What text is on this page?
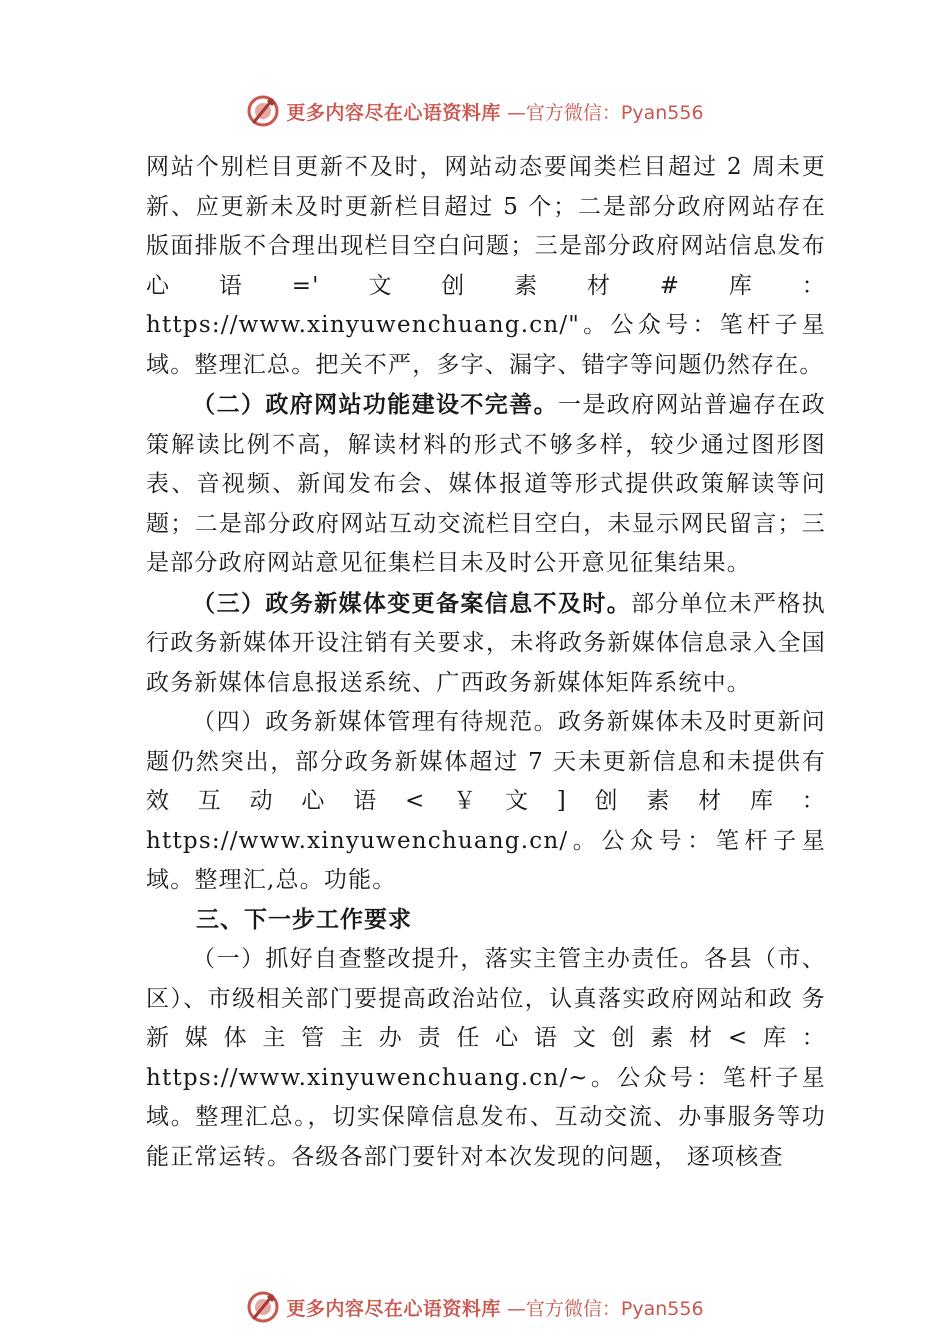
更多内容尽在心语资料库 —官方微信：Pyan556

网站个别栏目更新不及时，网站动态要闻类栏目超过 2 周未更新、应更新未及时更新栏目超过 5 个；二是部分政府网站存在版面排版不合理出现栏目空白问题；三是部分政府网站信息发布心语='文创素材#库：https://www.xinyuwenchuang.cn/"。公众号：笔杆子星域。整理汇总。把关不严，多字、漏字、错字等问题仍然存在。

（二）政府网站功能建设不完善。一是政府网站普遍存在政策解读比例不高，解读材料的形式不够多样，较少通过图形图表、音视频、新闻发布会、媒体报道等形式提供政策解读等问题；二是部分政府网站互动交流栏目空白，未显示网民留言；三是部分政府网站意见征集栏目未及时公开意见征集结果。

（三）政务新媒体变更备案信息不及时。部分单位未严格执行政务新媒体开设注销有关要求，未将政务新媒体信息录入全国政务新媒体信息报送系统、广西政务新媒体矩阵系统中。

（四）政务新媒体管理有待规范。政务新媒体未及时更新问题仍然突出，部分政务新媒体超过 7 天未更新信息和未提供有效互动心语<￥文]创素材库：https://www.xinyuwenchuang.cn/。公众号：笔杆子星域。整理汇,总。功能。

三、下一步工作要求

（一）抓好自查整改提升，落实主管主办责任。各县（市、区）、市级相关部门要提高政治站位，认真落实政府网站和政 务新媒体主管主办责任心语文创素材<库：https://www.xinyuwenchuang.cn/~。公众号：笔杆子星域。整理汇总。，切实保障信息发布、互动交流、办事服务等功能正常运转。各级各部门要针对本次发现的问题， 逐项核查

更多内容尽在心语资料库 —官方微信：Pyan556
